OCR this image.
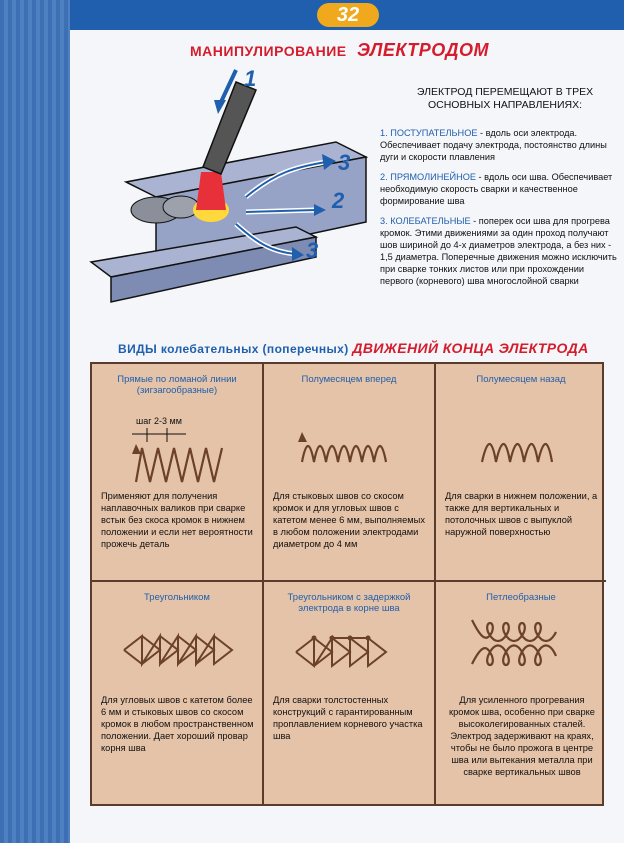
32
МАНИПУЛИРОВАНИЕ ЭЛЕКТРОДОМ
1
3
2
3
ЭЛЕКТРОД ПЕРЕМЕЩАЮТ В ТРЕХ ОСНОВНЫХ НАПРАВЛЕНИЯХ:

1. ПОСТУПАТЕЛЬНОЕ - вдоль оси электрода. Обеспечивает подачу электрода, постоянство длины дуги и скорости плавления

2. ПРЯМОЛИНЕЙНОЕ - вдоль оси шва. Обеспечивает необходимую скорость сварки и качественное формирование шва

3. КОЛЕБАТЕЛЬНЫЕ - поперек оси шва для прогрева кромок. Этими движениями за один проход получают шов шириной до 4-х диаметров электрода, а без них - 1,5 диаметра. Поперечные движения можно исключить при сварке тонких листов или при прохождении первого (корневого) шва многослойной сварки

ВИДЫ колебательных (поперечных) ДВИЖЕНИЙ КОНЦА ЭЛЕКТРОДА
Прямые по ломаной линии (зигзагообразные)
шаг 2-3 мм
Применяют для получения наплавочных валиков при сварке встык без скоса кромок в нижнем положении и если нет вероятности прожечь деталь
Полумесяцем вперед
Для стыковых швов со скосом кромок и для угловых швов с катетом менее 6 мм, выполняемых в любом положении электродами диаметром до 4 мм
Полумесяцем назад
Для сварки в нижнем положении, а также для вертикальных и потолочных швов с выпуклой наружной поверхностью
Треугольником
Для угловых швов с катетом более 6 мм и стыковых швов со скосом кромок в любом пространственном положении. Дает хороший провар корня шва
Треугольником с задержкой электрода в корне шва
Для сварки толстостенных конструкций с гарантированным проплавлением корневого участка шва
Петлеобразные
Для усиленного прогревания кромок шва, особенно при сварке высоколегированных сталей. Электрод задерживают на краях, чтобы не было прожога в центре шва или вытекания металла при сварке вертикальных швов
